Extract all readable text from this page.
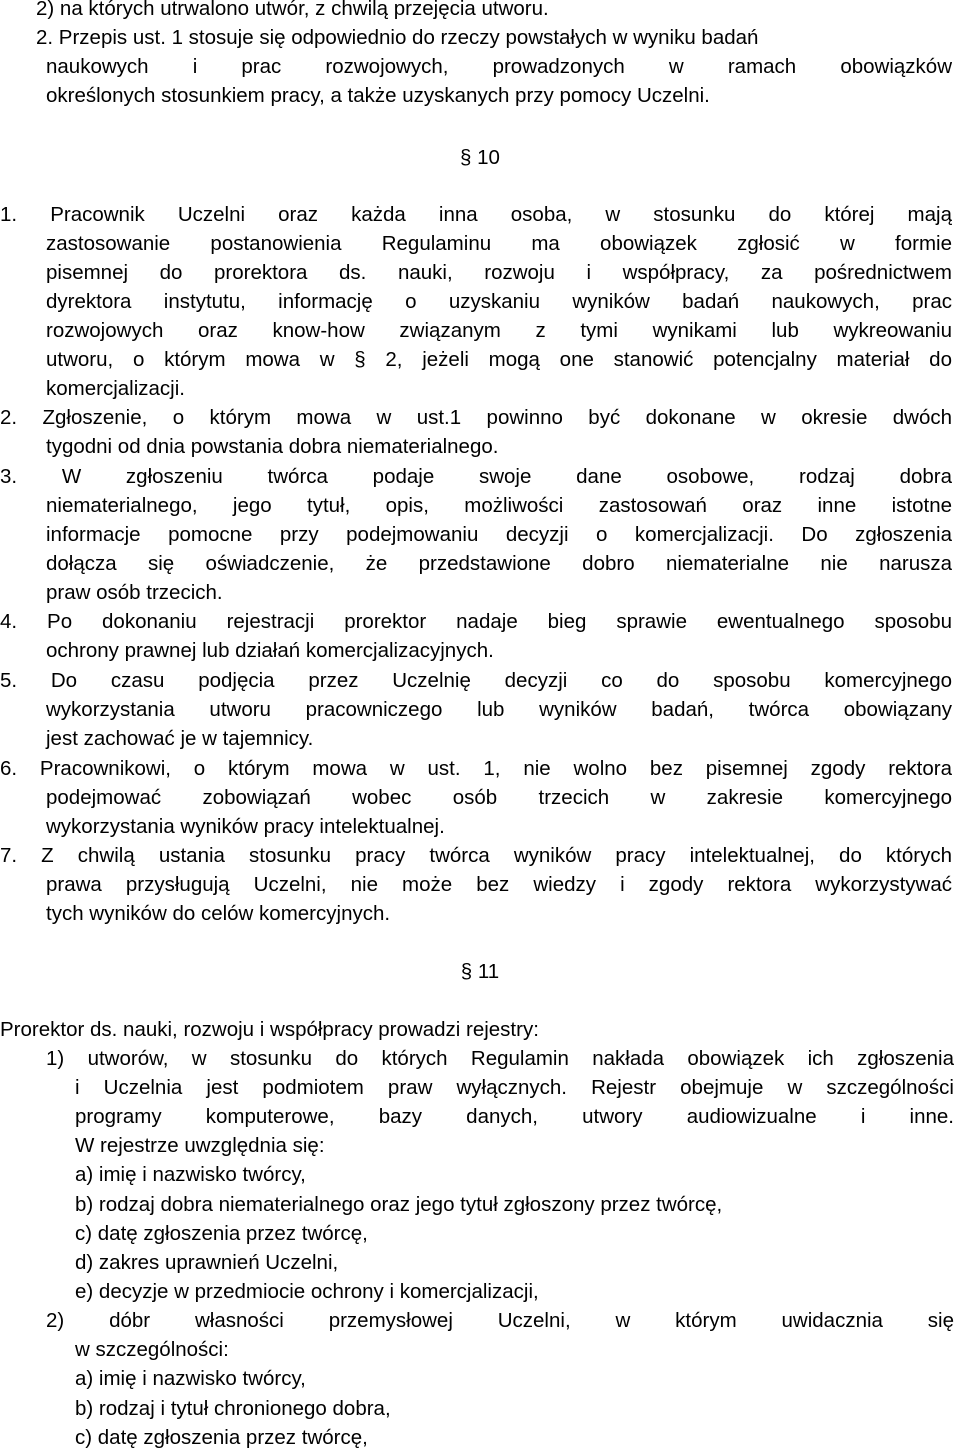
2) na których utrwalono utwór, z chwilą przejęcia utworu.

2. Przepis ust. 1 stosuje się odpowiednio do rzeczy powstałych w wyniku badań

naukowych i prac rozwojowych, prowadzonych w ramach obowiązków

określonych stosunkiem pracy, a także uzyskanych przy pomocy Uczelni.

§ 10

1. Pracownik Uczelni oraz każda inna osoba, w stosunku do której mają

zastosowanie postanowienia Regulaminu ma obowiązek zgłosić w formie

pisemnej do prorektora ds. nauki, rozwoju i współpracy, za pośrednictwem

dyrektora instytutu, informację o uzyskaniu wyników badań naukowych, prac

rozwojowych oraz know-how związanym z tymi wynikami lub wykreowaniu

utworu, o którym mowa w § 2, jeżeli mogą one stanowić potencjalny materiał do

komercjalizacji.

2. Zgłoszenie, o którym mowa w ust.1 powinno być dokonane w okresie dwóch

tygodni od dnia powstania dobra niematerialnego.

3. W zgłoszeniu twórca podaje swoje dane osobowe, rodzaj dobra

niematerialnego, jego tytuł, opis, możliwości zastosowań oraz inne istotne

informacje pomocne przy podejmowaniu decyzji o komercjalizacji. Do zgłoszenia

dołącza się oświadczenie, że przedstawione dobro niematerialne nie narusza

praw osób trzecich.

4. Po dokonaniu rejestracji prorektor nadaje bieg sprawie ewentualnego sposobu

ochrony prawnej lub działań komercjalizacyjnych.

5. Do czasu podjęcia przez Uczelnię decyzji co do sposobu komercyjnego

wykorzystania utworu pracowniczego lub wyników badań, twórca obowiązany

jest zachować je w tajemnicy.

6. Pracownikowi, o którym mowa w ust. 1, nie wolno bez pisemnej zgody rektora

podejmować zobowiązań wobec osób trzecich w zakresie komercyjnego

wykorzystania wyników pracy intelektualnej.

7. Z chwilą ustania stosunku pracy twórca wyników pracy intelektualnej, do których

prawa przysługują Uczelni, nie może bez wiedzy i zgody rektora wykorzystywać

tych wyników do celów komercyjnych.

§ 11

Prorektor ds. nauki, rozwoju i współpracy prowadzi rejestry:

1) utworów, w stosunku do których Regulamin nakłada obowiązek ich zgłoszenia

i Uczelnia jest podmiotem praw wyłącznych. Rejestr obejmuje w szczególności

programy komputerowe, bazy danych, utwory audiowizualne i inne.

W rejestrze uwzględnia się:

a) imię i nazwisko twórcy,

b) rodzaj dobra niematerialnego oraz jego tytuł zgłoszony przez twórcę,

c) datę zgłoszenia przez twórcę,

d) zakres uprawnień Uczelni,

e) decyzje w przedmiocie ochrony i komercjalizacji,

2) dóbr własności przemysłowej Uczelni, w którym uwidacznia się

w szczególności:

a) imię i nazwisko twórcy,

b) rodzaj i tytuł chronionego dobra,

c) datę zgłoszenia przez twórcę,
